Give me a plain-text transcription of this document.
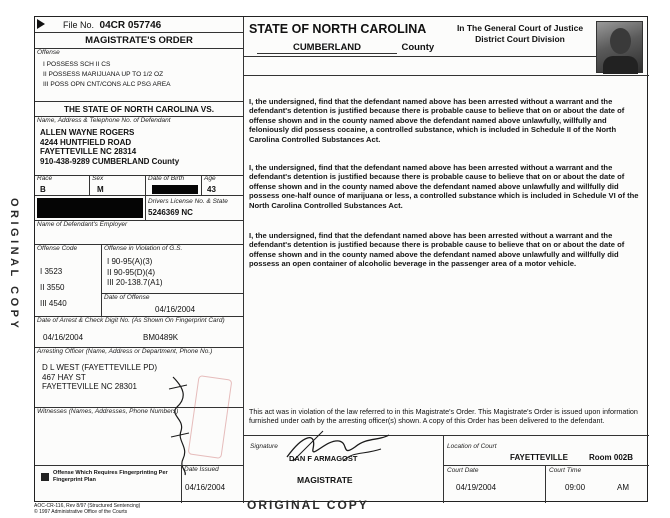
ORIGINAL COPY
File No. 04CR 057746
MAGISTRATE'S ORDER
Offense
I POSSESS SCH II CS
II POSSESS MARIJUANA UP TO 1/2 OZ
III POSS OPN CNT/CONS ALC PSG AREA
THE STATE OF NORTH CAROLINA VS.
Name, Address & Telephone No. of Defendant
ALLEN WAYNE ROGERS
4244 HUNTFIELD ROAD
FAYETTEVILLE NC 28314
910-438-9289 CUMBERLAND County
Race
B
Sex
M
Date of Birth	Age
43
Drivers License No. & State
5246369 NC
Name of Defendant's Employer
Offense Code
I 3523
II 3550
III 4540
Offense in Violation of G.S.
I 90-95(A)(3)
II 90-95(D)(4)
III 20-138.7(A1)
Date of Offense
04/16/2004
Date of Arrest & Check Digit No. (As Shown On Fingerprint Card)
04/16/2004	BM0489K
Arresting Officer (Name, Address or Department, Phone No.)
D L WEST (FAYETTEVILLE PD)
467 HAY ST
FAYETTEVILLE NC 28301
Witnesses (Names, Addresses, Phone Numbers)
Offense Which Requires Fingerprinting Per Fingerprint Plan
Date Issued
04/16/2004
STATE OF NORTH CAROLINA
CUMBERLAND	County
In The General Court of Justice
District Court Division
I, the undersigned, find that the defendant named above has been arrested without a warrant and the defendant's detention is justified because there is probable cause to believe that on or about the date of offense shown and in the county named above the defendant named above unlawfully, willfully and feloniously did possess cocaine, a controlled substance, which is included in Schedule II of the North Carolina Controlled Substances Act.
I, the undersigned, find that the defendant named above has been arrested without a warrant and the defendant's detention is justified because there is probable cause to believe that on or about the date of offense shown and in the county named above the defendant named above unlawfully and willfully did possess one-half ounce of marijuana or less, a controlled substance which is included in Schedule VI of the North Carolina Controlled Substances Act.
I, the undersigned, find that the defendant named above has been arrested without a warrant and the defendant's detention is justified because there is probable cause to believe that on or about the date of offense shown and in the county named above the defendant named above unlawfully and willfully did possess an open container of alcoholic beverage in the passenger area of a motor vehicle.
This act was in violation of the law referred to in this Magistrate's Order. This Magistrate's Order is issued upon information furnished under oath by the arresting officer(s) shown. A copy of this Order has been delivered to the defendant.
Signature
DAN F ARMAGOST
MAGISTRATE
Location of Court
FAYETTEVILLE	Room 002B
Court Date
04/19/2004
Court Time
09:00	AM
AOC-CR-116, Rev 8/97 (Structured Sentencing)
© 1997 Administrative Office of the Courts	ORIGINAL COPY
